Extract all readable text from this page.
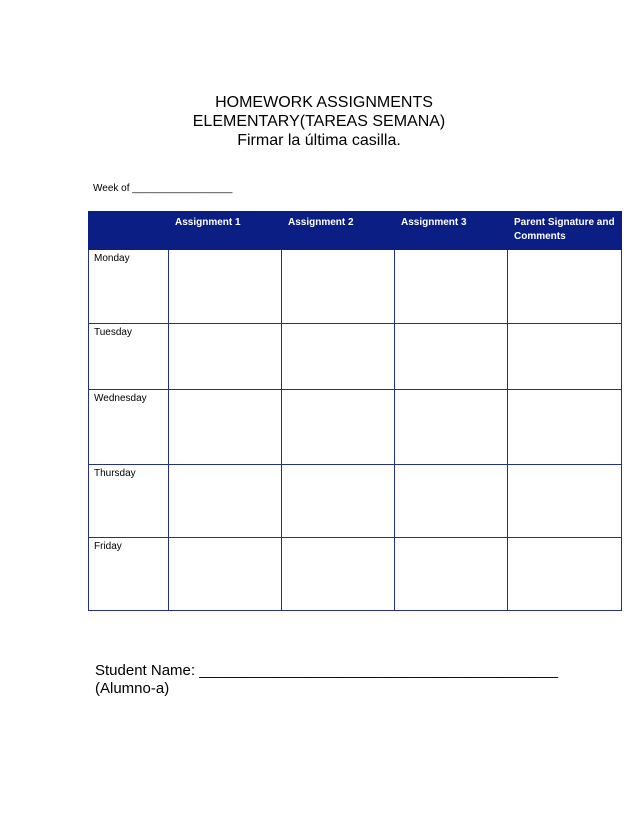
HOMEWORK ASSIGNMENTS

ELEMENTARY(TAREAS SEMANA)

Firmar la última casilla.

Week of __________________
	Assignment 1	Assignment 2	Assignment 3	Parent Signature and Comments
Monday				
Tuesday				
Wednesday				
Thursday				
Friday				
Student Name: ___________________________________________
(Alumno-a)
